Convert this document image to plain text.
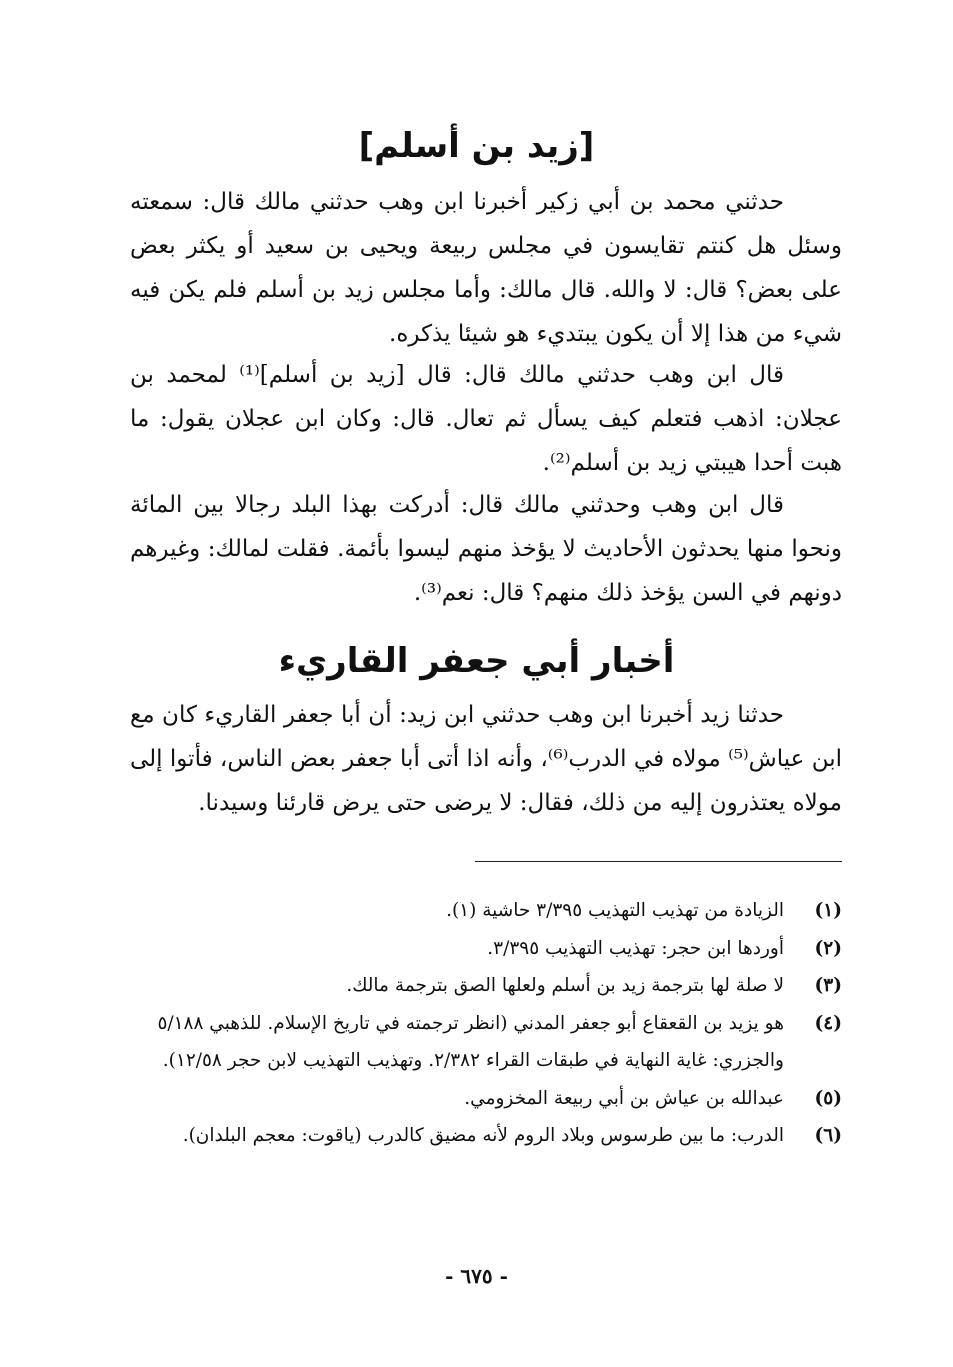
[زيد بن أسلم]

حدثني محمد بن أبي زكير أخبرنا ابن وهب حدثني مالك قال: سمعته وسئل هل كنتم تقايسون في مجلس ربيعة ويحيى بن سعيد أو يكثر بعض على بعض؟ قال: لا والله. قال مالك: وأما مجلس زيد بن أسلم فلم يكن فيه شيء من هذا إلا أن يكون يبتديء هو شيئا يذكره.

قال ابن وهب حدثني مالك قال: قال [زيد بن أسلم]⁽¹⁾ لمحمد بن عجلان: اذهب فتعلم كيف يسأل ثم تعال. قال: وكان ابن عجلان يقول: ما هبت أحدا هيبتي زيد بن أسلم⁽²⁾.

قال ابن وهب وحدثني مالك قال: أدركت بهذا البلد رجالا بين المائة ونحوا منها يحدثون الأحاديث لا يؤخذ منهم ليسوا بأئمة. فقلت لمالك: وغيرهم دونهم في السن يؤخذ ذلك منهم؟ قال: نعم⁽³⁾.

أخبار أبي جعفر القاريء

حدثنا زيد أخبرنا ابن وهب حدثني ابن زيد: أن أبا جعفر القاريء كان مع ابن عياش⁽⁵⁾ مولاه في الدرب⁽⁶⁾، وأنه اذا أتى أبا جعفر بعض الناس، فأتوا إلى مولاه يعتذرون إليه من ذلك، فقال: لا يرضى حتى يرض قارئنا وسيدنا.

(١)
الزيادة من تهذيب التهذيب ٣/٣٩٥ حاشية (١).
(٢)
أوردها ابن حجر: تهذيب التهذيب ٣/٣٩٥.
(٣)
لا صلة لها بترجمة زيد بن أسلم ولعلها الصق بترجمة مالك.
(٤)
هو يزيد بن القعقاع أبو جعفر المدني (انظر ترجمته في تاريخ الإسلام. للذهبي ٥/١٨٨ والجزري: غاية النهاية في طبقات القراء ٢/٣٨٢. وتهذيب التهذيب لابن حجر ١٢/٥٨).
(٥)
عبدالله بن عياش بن أبي ربيعة المخزومي.
(٦)
الدرب: ما بين طرسوس وبلاد الروم لأنه مضيق كالدرب (ياقوت: معجم البلدان).

- ٦٧٥ -
